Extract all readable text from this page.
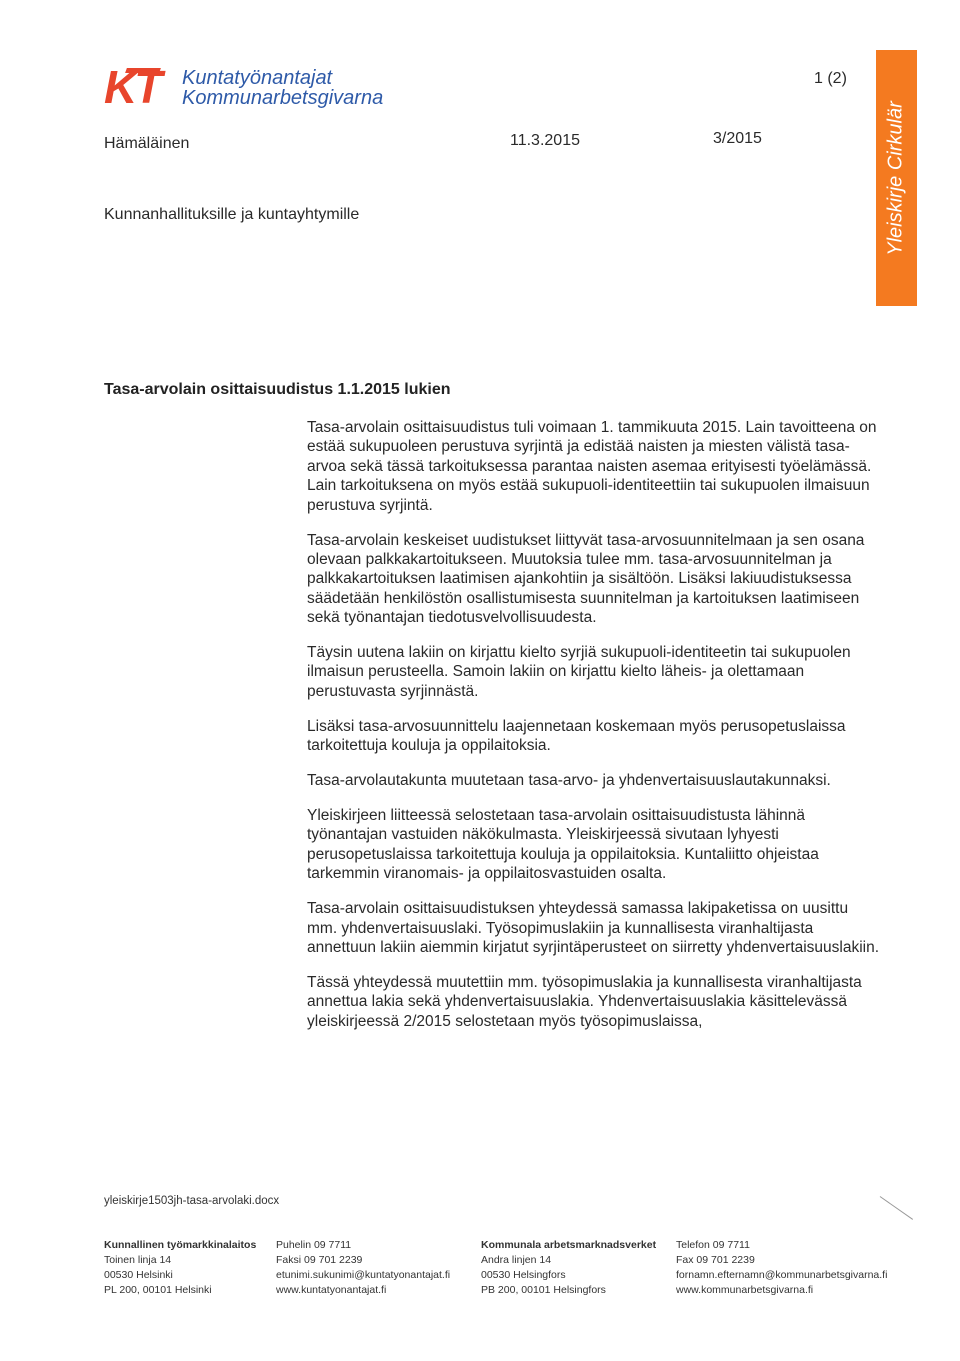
KT Kuntatyönantajat
Kommunarbetsgivarna
1 (2)
Hämäläinen	11.3.2015	3/2015	Yleiskirje Cirkulär
Kunnanhallituksille ja kuntayhtymille
Tasa-arvolain osittaisuudistus 1.1.2015 lukien

Tasa-arvolain osittaisuudistus tuli voimaan 1. tammikuuta 2015. Lain tavoitteena on estää sukupuoleen perustuva syrjintä ja edistää naisten ja miesten välistä tasa-arvoa sekä tässä tarkoituksessa parantaa naisten asemaa erityisesti työelämässä. Lain tarkoituksena on myös estää sukupuoli-identiteettiin tai sukupuolen ilmaisuun perustuva syrjintä.

Tasa-arvolain keskeiset uudistukset liittyvät tasa-arvosuunnitelmaan ja sen osana olevaan palkkakartoitukseen. Muutoksia tulee mm. tasa-arvosuunnitelman ja palkkakartoituksen laatimisen ajankohtiin ja sisältöön. Lisäksi lakiuudistuksessa säädetään henkilöstön osallistumisesta suunnitelman ja kartoituksen laatimiseen sekä työnantajan tiedotusvelvollisuudesta.

Täysin uutena lakiin on kirjattu kielto syrjiä sukupuoli-identiteetin tai sukupuolen ilmaisun perusteella. Samoin lakiin on kirjattu kielto läheis- ja olettamaan perustuvasta syrjinnästä.

Lisäksi tasa-arvosuunnittelu laajennetaan koskemaan myös perusopetuslaissa tarkoitettuja kouluja ja oppilaitoksia.

Tasa-arvolautakunta muutetaan tasa-arvo- ja yhdenvertaisuuslautakunnaksi.

Yleiskirjeen liitteessä selostetaan tasa-arvolain osittaisuudistusta lähinnä työnantajan vastuiden näkökulmasta. Yleiskirjeessä sivutaan lyhyesti perusopetuslaissa tarkoitettuja kouluja ja oppilaitoksia. Kuntaliitto ohjeistaa tarkemmin viranomais- ja oppilaitosvastuiden osalta.

Tasa-arvolain osittaisuudistuksen yhteydessä samassa lakipaketissa on uusittu mm. yhdenvertaisuuslaki. Työsopimuslakiin ja kunnallisesta viranhaltijasta annettuun lakiin aiemmin kirjatut syrjintäperusteet on siirretty yhdenvertaisuuslakiin.

Tässä yhteydessä muutettiin mm. työsopimuslakia ja kunnallisesta viranhaltijasta annettua lakia sekä yhdenvertaisuuslakia. Yhdenvertaisuuslakia käsittelevässä yleiskirjeessä 2/2015 selostetaan myös työsopimuslaissa,

yleiskirje1503jh-tasa-arvolaki.docx
Kunnallinen työmarkkinalaitos
Toinen linja 14
00530 Helsinki
PL 200, 00101 Helsinki
Puhelin 09 7711
Faksi 09 701 2239
etunimi.sukunimi@kuntatyonantajat.fi
www.kuntatyonantajat.fi
Kommunala arbetsmarknadsverket
Andra linjen 14
00530 Helsingfors
PB 200, 00101 Helsingfors
Telefon 09 7711
Fax 09 701 2239
fornamn.efternamn@kommunarbetsgivarna.fi
www.kommunarbetsgivarna.fi
